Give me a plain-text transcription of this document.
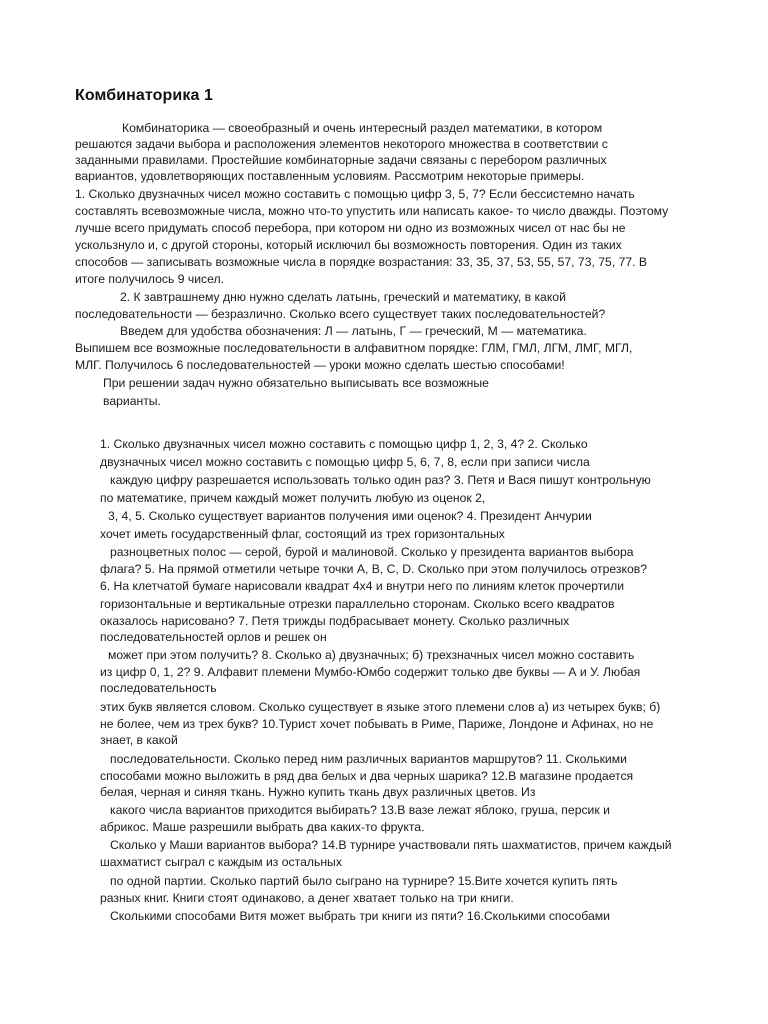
Комбинаторика 1

Комбинаторика — своеобразный и очень интересный раздел математики, в котором

решаются задачи выбора и расположения элементов некоторого множества в соответствии с

заданными правилами. Простейшие комбинаторные задачи связаны с перебором различных

вариантов, удовлетворяющих поставленным условиям. Рассмотрим некоторые примеры.

1. Сколько двузначных чисел можно составить с помощью цифр 3, 5, 7? Если бессистемно начать

составлять всевозможные числа, можно что-то упустить или написать какое- то число дважды. Поэтому

лучше всего придумать способ перебора, при котором ни одно из возможных чисел от нас бы не

ускользнуло и, с другой стороны, который исключил бы возможность повторения. Один из таких

способов — записывать возможные числа в порядке возрастания: 33, 35, 37, 53, 55, 57, 73, 75, 77. В

итоге получилось 9 чисел.

2. К завтрашнему дню нужно сделать латынь, греческий и математику, в какой

последовательности — безразлично. Сколько всего существует таких последовательностей?

Введем для удобства обозначения: Л — латынь, Г — греческий, М — математика.

Выпишем все возможные последовательности в алфавитном порядке: ГЛМ, ГМЛ, ЛГМ, ЛМГ, МГЛ,

МЛГ. Получилось 6 последовательностей — уроки можно сделать шестью способами!

При решении задач нужно обязательно выписывать все возможные

варианты.

1. Сколько двузначных чисел можно составить с помощью цифр 1, 2, 3, 4? 2. Сколько

двузначных чисел можно составить с помощью цифр 5, 6, 7, 8, если при записи числа

каждую цифру разрешается использовать только один раз? 3. Петя и Вася пишут контрольную

по математике, причем каждый может получить любую из оценок 2,

3, 4, 5. Сколько существует вариантов получения ими оценок? 4. Президент Анчурии

хочет иметь государственный флаг, состоящий из трех горизонтальных

разноцветных полос — серой, бурой и малиновой. Сколько у президента вариантов выбора

флага? 5. На прямой отметили четыре точки A, B, C, D. Сколько при этом получилось отрезков?

6. На клетчатой бумаге нарисовали квадрат 4х4 и внутри него по линиям клеток прочертили

горизонтальные и вертикальные отрезки параллельно сторонам. Сколько всего квадратов

оказалось нарисовано? 7. Петя трижды подбрасывает монету. Сколько различных

последовательностей орлов и решек он

может при этом получить? 8. Сколько а) двузначных; б) трехзначных чисел можно составить

из цифр 0, 1, 2? 9. Алфавит племени Мумбо-Юмбо содержит только две буквы — А и У. Любая

последовательность

этих букв является словом. Сколько существует в языке этого племени слов а) из четырех букв; б)

не более, чем из трех букв? 10.Турист хочет побывать в Риме, Париже, Лондоне и Афинах, но не

знает, в какой

последовательности. Сколько перед ним различных вариантов маршрутов? 11. Сколькими

способами можно выложить в ряд два белых и два черных шарика? 12.В магазине продается

белая, черная и синяя ткань. Нужно купить ткань двух различных цветов. Из

какого числа вариантов приходится выбирать? 13.В вазе лежат яблоко, груша, персик и

абрикос. Маше разрешили выбрать два каких-то фрукта.

Сколько у Маши вариантов выбора? 14.В турнире участвовали пять шахматистов, причем каждый

шахматист сыграл с каждым из остальных

по одной партии. Сколько партий было сыграно на турнире? 15.Вите хочется купить пять

разных книг. Книги стоят одинаково, а денег хватает только на три книги.

Сколькими способами Витя может выбрать три книги из пяти? 16.Сколькими способами
